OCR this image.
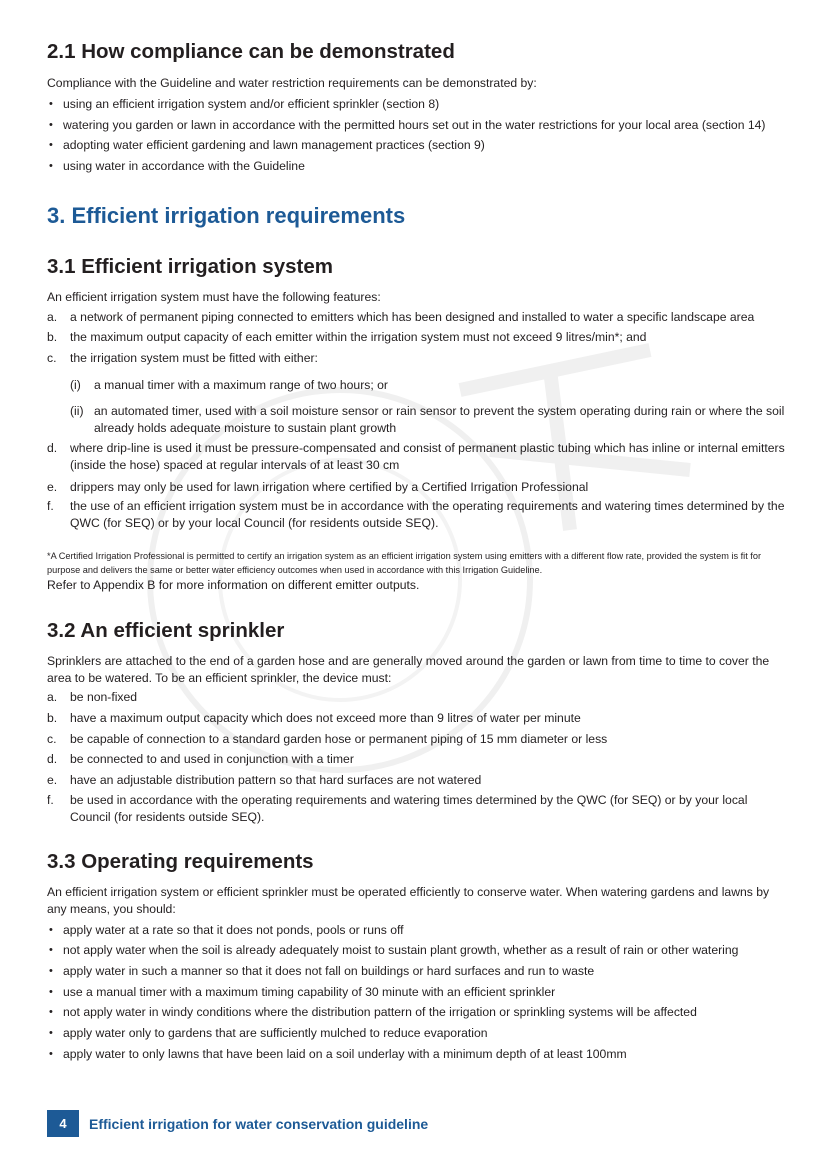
2.1 How compliance can be demonstrated

Compliance with the Guideline and water restriction requirements can be demonstrated by:

• using an efficient irrigation system and/or efficient sprinkler (section 8)
• watering you garden or lawn in accordance with the permitted hours set out in the water restrictions for your local area (section 14)
• adopting water efficient gardening and lawn management practices (section 9)
• using water in accordance with the Guideline
3. Efficient irrigation requirements
3.1 Efficient irrigation system

An efficient irrigation system must have the following features:

a. a network of permanent piping connected to emitters which has been designed and installed to water a specific landscape area
b. the maximum output capacity of each emitter within the irrigation system must not exceed 9 litres/min*; and
c. the irrigation system must be fitted with either:
(i) a manual timer with a maximum range of two hours; or
(ii) an automated timer, used with a soil moisture sensor or rain sensor to prevent the system operating during rain or where the soil already holds adequate moisture to sustain plant growth
d. where drip-line is used it must be pressure-compensated and consist of permanent plastic tubing which has inline or internal emitters (inside the hose) spaced at regular intervals of at least 30 cm
e. drippers may only be used for lawn irrigation where certified by a Certified Irrigation Professional
f. the use of an efficient irrigation system must be in accordance with the operating requirements and watering times determined by the QWC (for SEQ) or by your local Council (for residents outside SEQ).

*A Certified Irrigation Professional is permitted to certify an irrigation system as an efficient irrigation system using emitters with a different flow rate, provided the system is fit for purpose and delivers the same or better water efficiency outcomes when used in accordance with this Irrigation Guideline.

Refer to Appendix B for more information on different emitter outputs.

3.2 An efficient sprinkler

Sprinklers are attached to the end of a garden hose and are generally moved around the garden or lawn from time to time to cover the area to be watered. To be an efficient sprinkler, the device must:

a. be non-fixed
b. have a maximum output capacity which does not exceed more than 9 litres of water per minute
c. be capable of connection to a standard garden hose or permanent piping of 15 mm diameter or less
d. be connected to and used in conjunction with a timer
e. have an adjustable distribution pattern so that hard surfaces are not watered
f. be used in accordance with the operating requirements and watering times determined by the QWC (for SEQ) or by your local Council (for residents outside SEQ).
3.3 Operating requirements

An efficient irrigation system or efficient sprinkler must be operated efficiently to conserve water. When watering gardens and lawns by any means, you should:

• apply water at a rate so that it does not ponds, pools or runs off
• not apply water when the soil is already adequately moist to sustain plant growth, whether as a result of rain or other watering
• apply water in such a manner so that it does not fall on buildings or hard surfaces and run to waste
• use a manual timer with a maximum timing capability of 30 minute with an efficient sprinkler
• not apply water in windy conditions where the distribution pattern of the irrigation or sprinkling systems will be affected
• apply water only to gardens that are sufficiently mulched to reduce evaporation
• apply water to only lawns that have been laid on a soil underlay with a minimum depth of at least 100mm
4	Efficient irrigation for water conservation guideline
